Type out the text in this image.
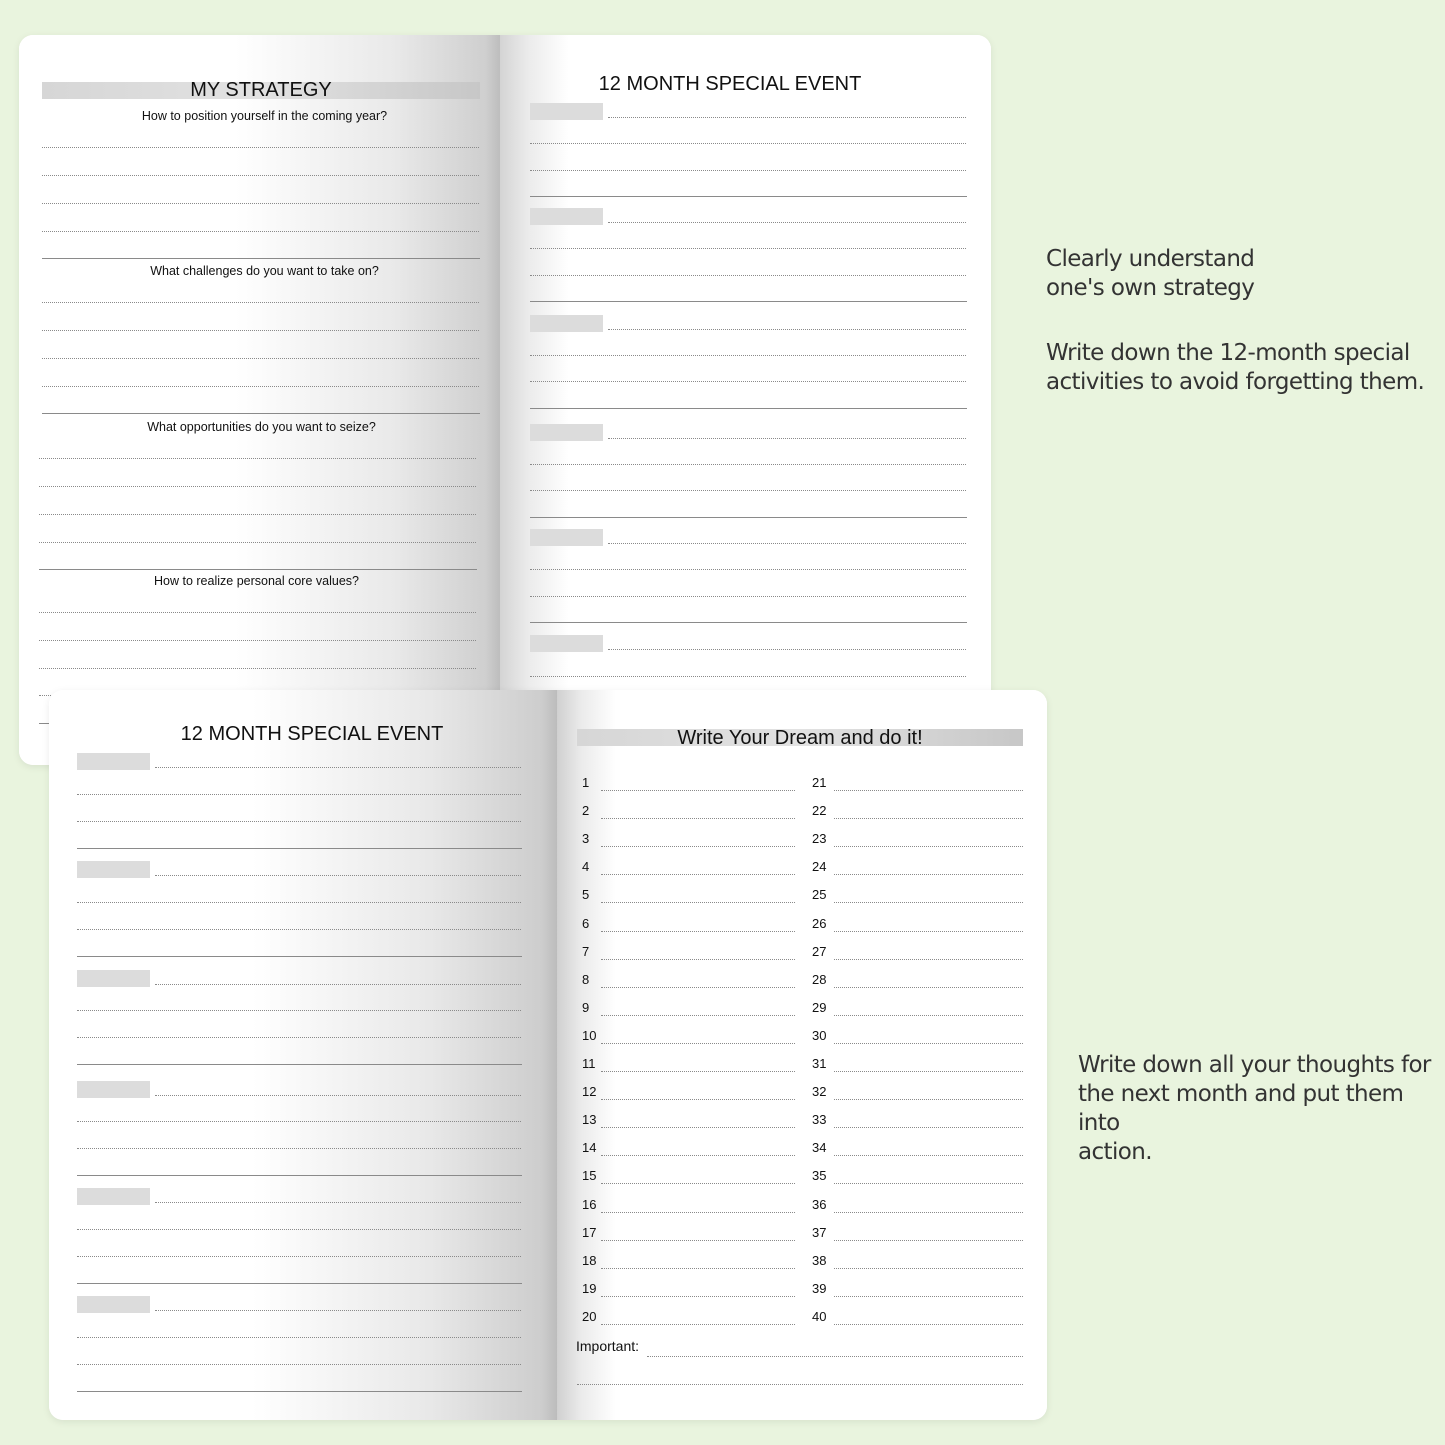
MY STRATEGY
How to position yourself in the coming year?
What challenges do you want to take on?
What opportunities do you want to seize?
How to realize personal core values?
12 MONTH SPECIAL EVENT
12 MONTH SPECIAL EVENT	Write Your Dream and do it!
1
2
3
4
5
6
7
8
9
10
11
12
13
14
15
16
17
18
19
20
21
22
23
24
25
26
27
28
29
30
31
32
33
34
35
36
37
38
39
40
Important:
Clearly understand
one's own strategy
Write down the 12-month special
activities to avoid forgetting them.
Write down all your thoughts for
the next month and put them into
action.
